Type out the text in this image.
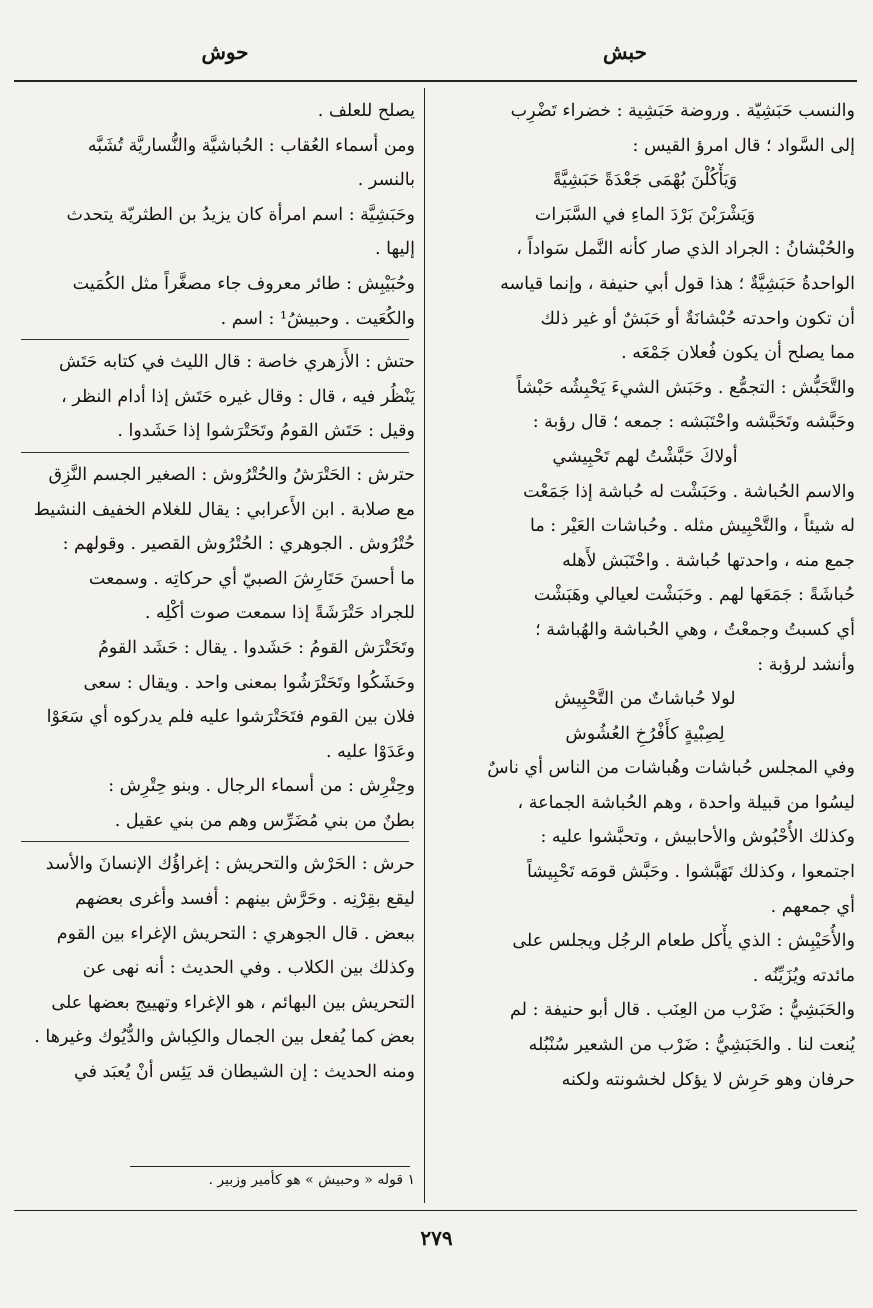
حبش
حوش
والنسب حَبَشِيّة . وروضة حَبَشِية : خضراء تَضْرِب
إلى السَّواد ؛ قال امرؤ القيس :
وَيَأْكُلْنَ بُهْمَى جَعْدَةً حَبَشِيَّةً
وَيَشْرَبْنَ بَرْدَ الماءِ في السَّبَرات
والحُبْشانُ : الجراد الذي صار كأنه النَّمل سَواداً ،
الواحدةُ حَبَشِيَّةٌ ؛ هذا قول أبي حنيفة ، وإنما قياسه
أن تكون واحدته حُبْشانَةٌ أو حَبَشٌ أو غير ذلك
مما يصلح أن يكون فُعلان جَمْعَه .
والتَّحَبُّش : التجمُّع . وحَبَش الشيءَ يَحْبِشُه حَبْشاً
وحَبَّشه وتَحَبَّشه واحْتَبَشه : جمعه ؛ قال رؤبة :
أولاكَ حَبَّشْتُ لهم تَحْبِيشي
والاسم الحُباشة . وحَبَشْت له حُباشة إذا جَمَعْت
له شيئاً ، والتَّحْبِيش مثله . وحُباشات العَيْر : ما
جمع منه ، واحدتها حُباشة . واحْتَبَش لأَهله
حُباشَةً : جَمَعَها لهم . وحَبَشْت لعيالي وهَبَشْت
أي كسبتُ وجمعْتُ ، وهي الحُباشة والهُباشة ؛
وأنشد لرؤبة :
لولا حُباشاتٌ من التَّحْبِيش
لِصِبْيةٍ كأَفْرُخِ العُشُوش
وفي المجلس حُباشات وهُباشات من الناس أي ناسٌ
ليسُوا من قبيلة واحدة ، وهم الحُباشة الجماعة ،
وكذلك الأُحْبُوش والأحابيش ، وتحبَّشوا عليه :
اجتمعوا ، وكذلك تَهَبَّشوا . وحَبَّش قومَه تَحْبِيشاً
أي جمعهم .
والأُحَيْبِش : الذي يأْكل طعام الرجُل ويجلس على
مائدته ويُزَيِّنُه .
والحَبَشِيُّ : ضَرْب من العِنَب . قال أبو حنيفة : لم
يُنعت لنا . والحَبَشِيُّ : ضَرْب من الشعير سُنْبُله
حرفان وهو حَرِش لا يؤكل لخشونته ولكنه
يصلح للعلف .
ومن أسماء العُقاب : الحُباشيَّة والنُّساريَّة تُشَبَّه
بالنسر .
وحَبَشِيَّة : اسم امرأة كان يزيدُ بن الطثريّة يتحدث
إليها .
وحُبَيْبِش : طائر معروف جاء مصغَّراً مثل الكُمَيت
والكُعَيت . وحبيشُ¹ : اسم .
حتش : الأَزهري خاصة : قال الليث في كتابه حَتَش
يَنْظُر فيه ، قال : وقال غيره حَتَش إذا أدام النظر ،
وقيل : حَتَش القومُ وتَحَتْرَشوا إذا حَشَدوا .
حترش : الحَتْرَشُ والحُتْرُوش : الصغير الجسم النَّزِق
مع صلابة . ابن الأَعرابي : يقال للغلام الخفيف النشيط
حُتْرُوش . الجوهري : الحُتْرُوش القصير . وقولهم :
ما أحسنَ حَتَارِشَ الصبيّ أي حركاتِه . وسمعت
للجراد حَتْرَشَةً إذا سمعت صوت أكْلِه .
وتَحَتْرَش القومُ : حَشَدوا . يقال : حَشَد القومُ
وحَشَكُوا وتَحَتْرَشُوا بمعنى واحد . ويقال : سعى
فلان بين القوم فتَحَتْرَشوا عليه فلم يدركوه أي سَعَوْا
وعَدَوْا عليه .
وحِتْرِش : من أسماء الرجال . وبنو حِتْرِش :
بطنٌ من بني مُضَرِّس وهم من بني عقيل .
حرش : الحَرْش والتحريش : إغراؤُك الإنسانَ والأسد
ليقع بقِرْنِه . وحَرَّش بينهم : أفسد وأغرى بعضهم
ببعض . قال الجوهري : التحريش الإغراء بين القوم
وكذلك بين الكلاب . وفي الحديث : أنه نهى عن
التحريش بين البهائم ، هو الإغراء وتهييج بعضها على
بعض كما يُفعل بين الجمال والكِباش والدُّيُوك وغيرها .
ومنه الحديث : إن الشيطان قد يَئِس أنْ يُعبَد في
١ قوله « وحبيش » هو كأمير وزبير .
٢٧٩
